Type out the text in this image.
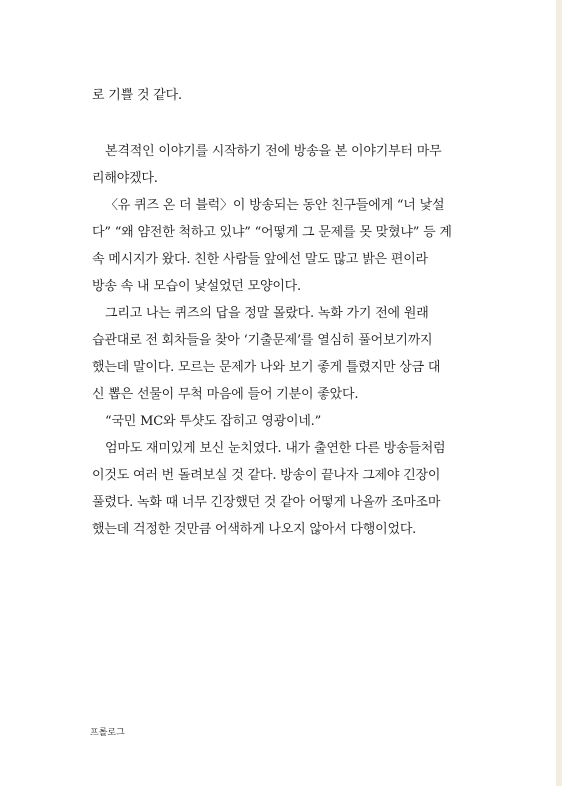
로 기쁠 것 같다.
본격적인 이야기를 시작하기 전에 방송을 본 이야기부터 마무
리해야겠다.
〈유 퀴즈 온 더 블럭〉이 방송되는 동안 친구들에게 “너 낯설
다” “왜 얌전한 척하고 있냐” “어떻게 그 문제를 못 맞혔냐” 등 계
속 메시지가 왔다. 친한 사람들 앞에선 말도 많고 밝은 편이라
방송 속 내 모습이 낯설었던 모양이다.
그리고 나는 퀴즈의 답을 정말 몰랐다. 녹화 가기 전에 원래
습관대로 전 회차들을 찾아 ‘기출문제’를 열심히 풀어보기까지
했는데 말이다. 모르는 문제가 나와 보기 좋게 틀렸지만 상금 대
신 뽑은 선물이 무척 마음에 들어 기분이 좋았다.
“국민 MC와 투샷도 잡히고 영광이네.”
엄마도 재미있게 보신 눈치였다. 내가 출연한 다른 방송들처럼
이것도 여러 번 돌려보실 것 같다. 방송이 끝나자 그제야 긴장이
풀렸다. 녹화 때 너무 긴장했던 것 같아 어떻게 나올까 조마조마
했는데 걱정한 것만큼 어색하게 나오지 않아서 다행이었다.
프롤로그
